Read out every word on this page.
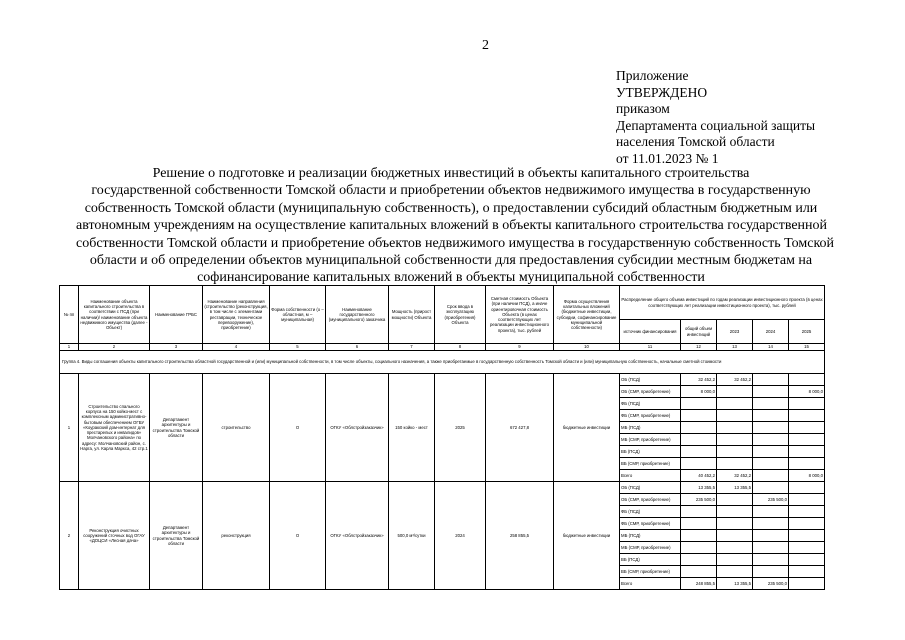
2
Приложение
УТВЕРЖДЕНО
приказом
Департамента социальной защиты
населения Томской области
от 11.01.2023 № 1
Решение о подготовке и реализации бюджетных инвестиций в объекты капитального строительства
государственной собственности Томской области и приобретении объектов недвижимого имущества в государственную
собственность Томской области (муниципальную собственность), о предоставлении субсидий областным бюджетным или
автономным учреждениям на осуществление капитальных вложений в объекты капитального строительства государственной
собственности Томской области и приобретение объектов недвижимого имущества в государственную собственность Томской
области и об определении объектов муниципальной собственности для предоставления субсидии местным бюджетам на
софинансирование капитальных вложений в объекты муниципальной собственности
№ пп	Наименование объекта капитального строительства в соответствии с ПСД (при наличии)/ наименование объекта недвижимого имущества (далее - Объект)	Наименование ГРБС	Наименование направления (строительство (реконструкция, в том числе с элементами реставрации, техническое перевооружение), приобретение)	Форма собственности (о – областная, м – муниципальная)	Наименование государственного (муниципального) заказчика	Мощность (прирост мощности) Объекта	Срок ввода в эксплуатацию (приобретения) Объекта	Сметная стоимость Объекта (при наличии ПСД), а иначе ориентировочная стоимость Объекта (в ценах соответствующих лет реализации инвестиционного проекта), тыс. рублей	Форма осуществления капитальных вложений (бюджетные инвестиции, субсидии, софинансирование муниципальной собственности)	Распределение общего объема инвестиций по годам реализации инвестиционного проекта (в ценах соответствующих лет реализации инвестиционного проекта), тыс. рублей				
										источник финансирования	общий объем инвестиций	2023	2024	2025
1	2	3	4	5	6	7	8	9	10	11	12	13	14	15
Группа 4. Виды соглашения объекты капитального строительства областной государственной и (или) муниципальной собственности, в том числе объекты, социального назначения, а также приобретаемые в государственную собственность Томской области и (или) муниципальную собственность, начальные сметной стоимости														
1	Строительство спального корпуса на 150 койко-мест с комплексным административно-бытовым обеспечением ОГБУ «Коуракский дом-интернат для престарелых и инвалидов» Молчановского района» по адресу: Молчановский район, с. Нарга, ул. Карла Маркса, 42 стр.1	Департамент архитектуры и строительства Томской области	строительство	О	ОГКУ «Облстройзаказчик»	150 койко - мест	2025	672 427,8	бюджетные инвестиции	ОБ (ПСД)	32 452,2	32 452,2		
										ОБ (СМР, приобретение)	8 000,0			8 000,0
										ФБ (ПСД)				
										ФБ (СМР, приобретение)				
										МБ (ПСД)				
										МБ (СМР, приобретение)				
										ВБ (ПСД)				
										ВБ (СМР, приобретение)				
										Всего	40 452,2	32 452,2		8 000,0
2	Реконструкция очистных сооружений сточных вод ОГАУ «ДОЦСИ «Лесная дача»	Департамент архитектуры и строительства Томской области	реконструкция	О	ОГКУ «Облстройзаказчик»	500,0 м³/сутки	2024	258 855,5	бюджетные инвестиции	ОБ (ПСД)	13 355,5	13 355,5		
										ОБ (СМР, приобретение)	235 500,0		235 500,0	
										ФБ (ПСД)				
										ФБ (СМР, приобретение)				
										МБ (ПСД)				
										МБ (СМР, приобретение)				
										ВБ (ПСД)				
										ВБ (СМР, приобретение)				
										Всего	248 855,5	13 355,5	235 500,0	
